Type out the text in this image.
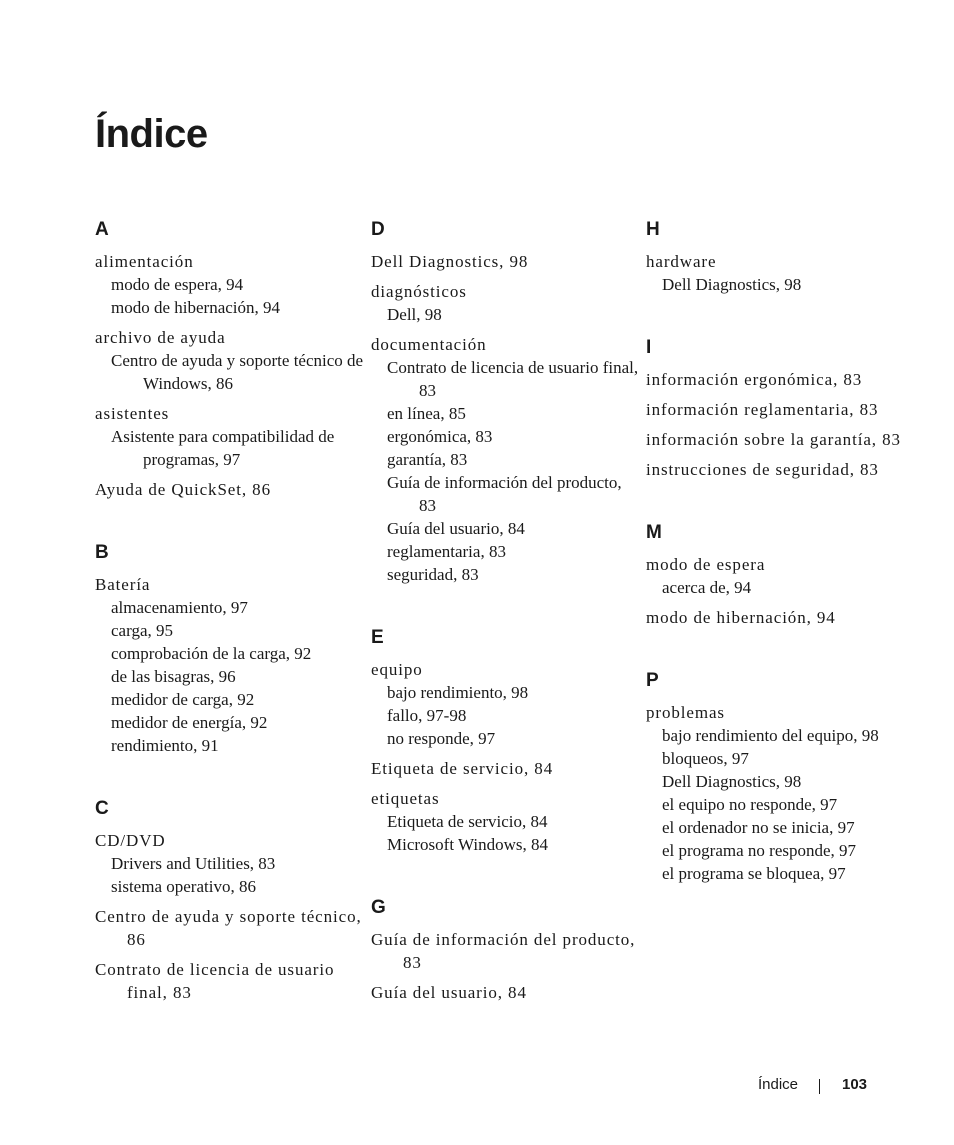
Índice
A
alimentación
modo de espera, 94
modo de hibernación, 94
archivo de ayuda
Centro de ayuda y soporte técnico de Windows, 86
asistentes
Asistente para compatibilidad de programas, 97
Ayuda de QuickSet, 86
B
Batería
almacenamiento, 97
carga, 95
comprobación de la carga, 92
de las bisagras, 96
medidor de carga, 92
medidor de energía, 92
rendimiento, 91
C
CD/DVD
Drivers and Utilities, 83
sistema operativo, 86
Centro de ayuda y soporte técnico, 86
Contrato de licencia de usuario final, 83
D
Dell Diagnostics, 98
diagnósticos
Dell, 98
documentación
Contrato de licencia de usuario final, 83
en línea, 85
ergonómica, 83
garantía, 83
Guía de información del producto, 83
Guía del usuario, 84
reglamentaria, 83
seguridad, 83
E
equipo
bajo rendimiento, 98
fallo, 97-98
no responde, 97
Etiqueta de servicio, 84
etiquetas
Etiqueta de servicio, 84
Microsoft Windows, 84
G
Guía de información del producto, 83
Guía del usuario, 84
H
hardware
Dell Diagnostics, 98
I
información ergonómica, 83
información reglamentaria, 83
información sobre la garantía, 83
instrucciones de seguridad, 83
M
modo de espera
acerca de, 94
modo de hibernación, 94
P
problemas
bajo rendimiento del equipo, 98
bloqueos, 97
Dell Diagnostics, 98
el equipo no responde, 97
el ordenador no se inicia, 97
el programa no responde, 97
el programa se bloquea, 97
Índice	103
